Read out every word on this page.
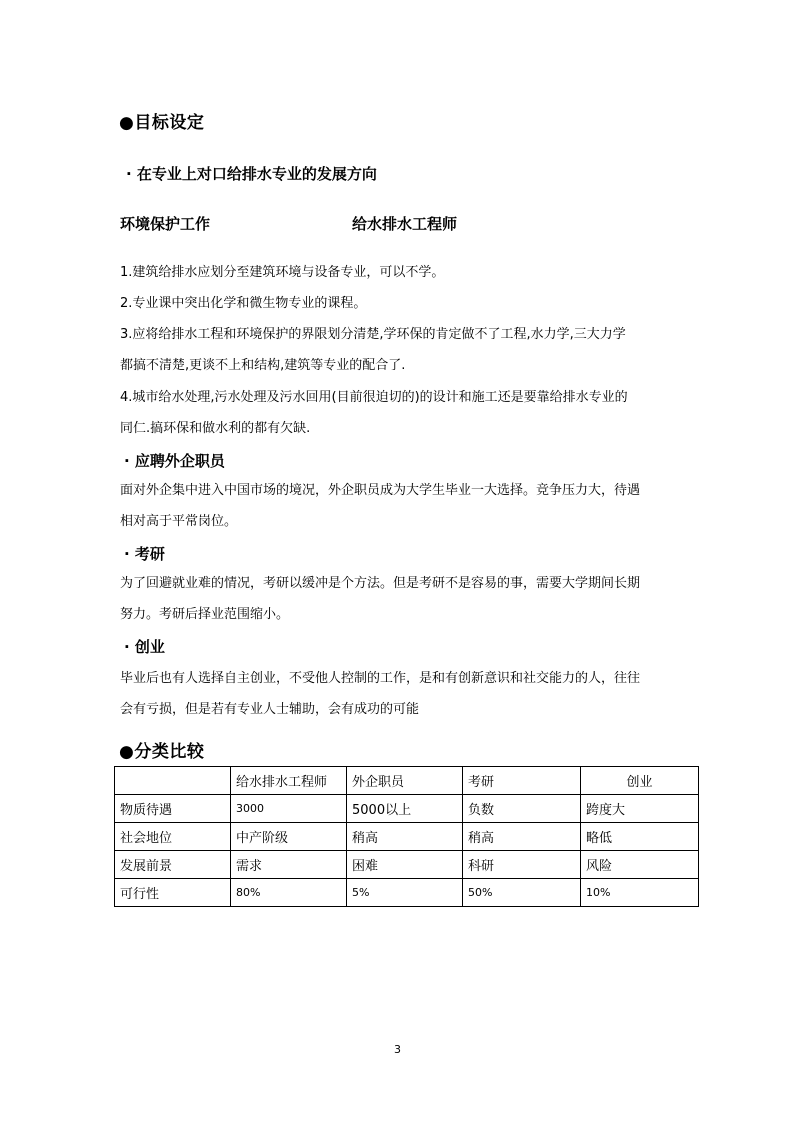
●目标设定
· 在专业上对口给排水专业的发展方向
环境保护工作	给水排水工程师
1.建筑给排水应划分至建筑环境与设备专业，可以不学。
2.专业课中突出化学和微生物专业的课程。
3.应将给排水工程和环境保护的界限划分清楚,学环保的肯定做不了工程,水力学,三大力学
都搞不清楚,更谈不上和结构,建筑等专业的配合了.
4.城市给水处理,污水处理及污水回用(目前很迫切的)的设计和施工还是要靠给排水专业的
同仁.搞环保和做水利的都有欠缺.
· 应聘外企职员
面对外企集中进入中国市场的境况，外企职员成为大学生毕业一大选择。竞争压力大，待遇
相对高于平常岗位。
· 考研
为了回避就业难的情况，考研以缓冲是个方法。但是考研不是容易的事，需要大学期间长期
努力。考研后择业范围缩小。
· 创业
毕业后也有人选择自主创业，不受他人控制的工作，是和有创新意识和社交能力的人，往往
会有亏损，但是若有专业人士辅助，会有成功的可能
●分类比较
	给水排水工程师	外企职员	考研	创业
物质待遇	3000	5000以上	负数	跨度大
社会地位	中产阶级	稍高	稍高	略低
发展前景	需求	困难	科研	风险
可行性	80%	5%	50%	10%
3
